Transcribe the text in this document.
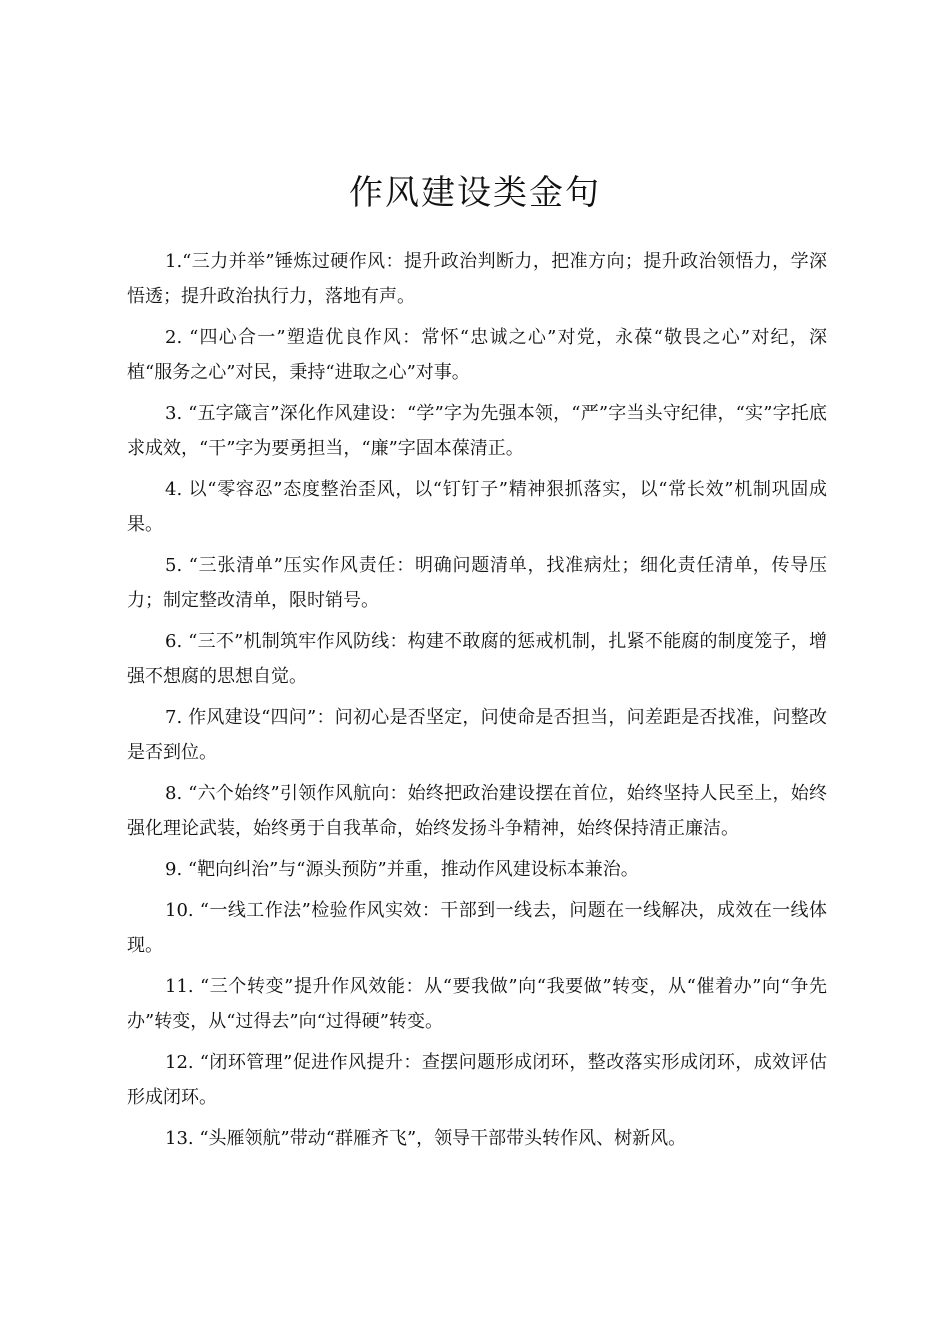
作风建设类金句
1.“三力并举”锤炼过硬作风：提升政治判断力，把准方向；提升政治领悟力，学深悟透；提升政治执行力，落地有声。
2. “四心合一”塑造优良作风：常怀“忠诚之心”对党，永葆“敬畏之心”对纪，深植“服务之心”对民，秉持“进取之心”对事。
3. “五字箴言”深化作风建设：“学”字为先强本领，“严”字当头守纪律，“实”字托底求成效，“干”字为要勇担当，“廉”字固本葆清正。
4. 以“零容忍”态度整治歪风，以“钉钉子”精神狠抓落实，以“常长效”机制巩固成果。
5. “三张清单”压实作风责任：明确问题清单，找准病灶；细化责任清单，传导压力；制定整改清单，限时销号。
6. “三不”机制筑牢作风防线：构建不敢腐的惩戒机制，扎紧不能腐的制度笼子，增强不想腐的思想自觉。
7. 作风建设“四问”：问初心是否坚定，问使命是否担当，问差距是否找准，问整改是否到位。
8. “六个始终”引领作风航向：始终把政治建设摆在首位，始终坚持人民至上，始终强化理论武装，始终勇于自我革命，始终发扬斗争精神，始终保持清正廉洁。
9. “靶向纠治”与“源头预防”并重，推动作风建设标本兼治。
10. “一线工作法”检验作风实效：干部到一线去，问题在一线解决，成效在一线体现。
11. “三个转变”提升作风效能：从“要我做”向“我要做”转变，从“催着办”向“争先办”转变，从“过得去”向“过得硬”转变。
12. “闭环管理”促进作风提升：查摆问题形成闭环，整改落实形成闭环，成效评估形成闭环。
13. “头雁领航”带动“群雁齐飞”，领导干部带头转作风、树新风。
